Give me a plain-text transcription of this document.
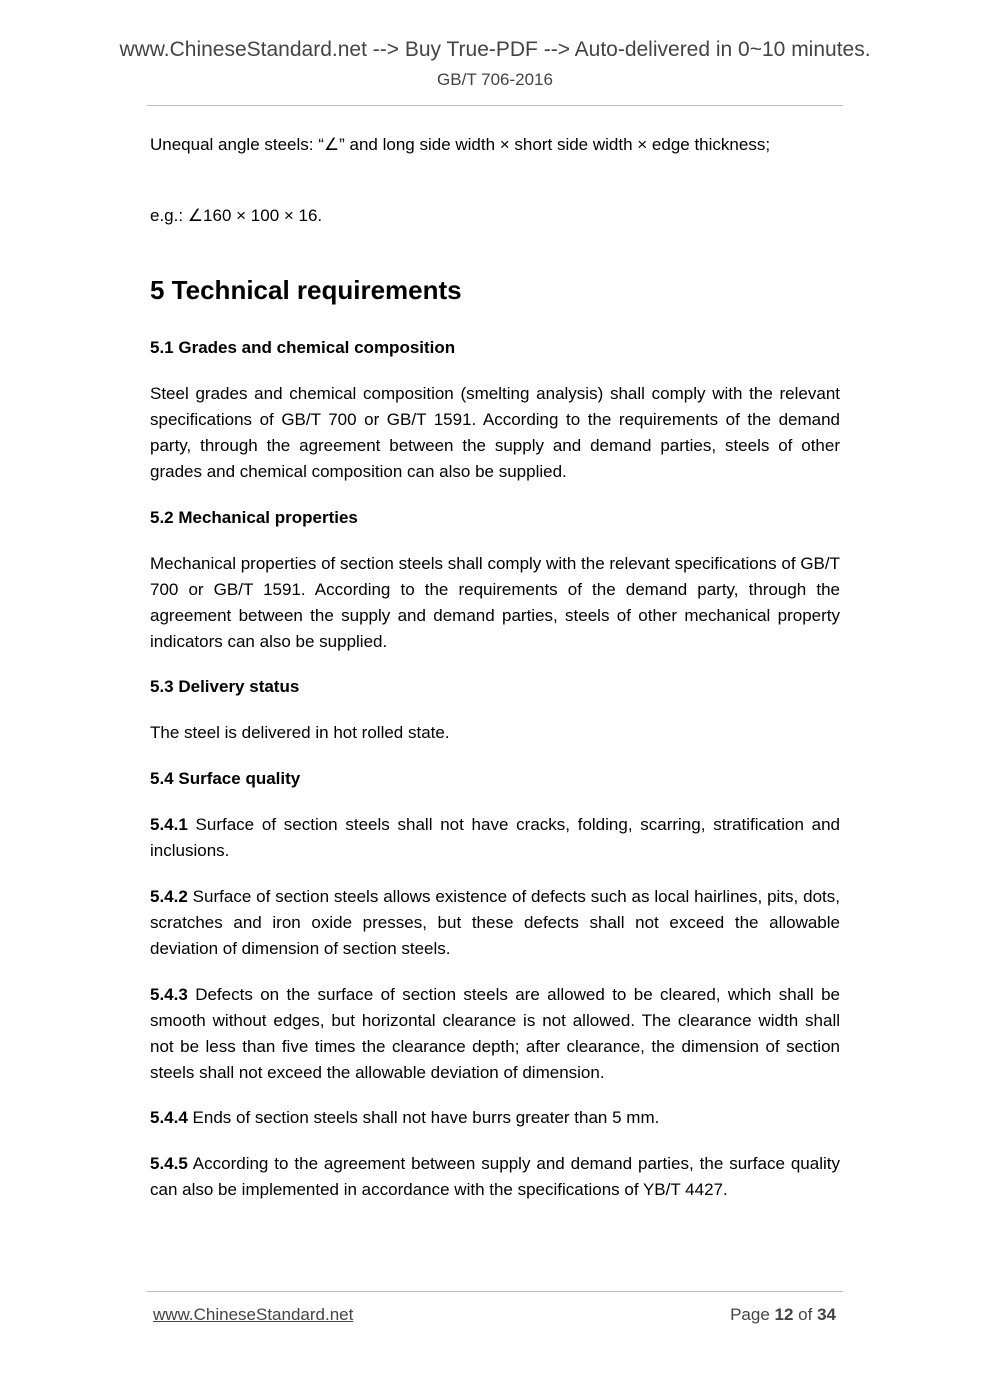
www.ChineseStandard.net --> Buy True-PDF --> Auto-delivered in 0~10 minutes.
GB/T 706-2016
Unequal angle steels: “∠” and long side width × short side width × edge thickness;
e.g.: ∠160 × 100 × 16.
5 Technical requirements
5.1 Grades and chemical composition
Steel grades and chemical composition (smelting analysis) shall comply with the relevant specifications of GB/T 700 or GB/T 1591. According to the requirements of the demand party, through the agreement between the supply and demand parties, steels of other grades and chemical composition can also be supplied.
5.2 Mechanical properties
Mechanical properties of section steels shall comply with the relevant specifications of GB/T 700 or GB/T 1591. According to the requirements of the demand party, through the agreement between the supply and demand parties, steels of other mechanical property indicators can also be supplied.
5.3 Delivery status
The steel is delivered in hot rolled state.
5.4 Surface quality
5.4.1 Surface of section steels shall not have cracks, folding, scarring, stratification and inclusions.
5.4.2 Surface of section steels allows existence of defects such as local hairlines, pits, dots, scratches and iron oxide presses, but these defects shall not exceed the allowable deviation of dimension of section steels.
5.4.3 Defects on the surface of section steels are allowed to be cleared, which shall be smooth without edges, but horizontal clearance is not allowed. The clearance width shall not be less than five times the clearance depth; after clearance, the dimension of section steels shall not exceed the allowable deviation of dimension.
5.4.4 Ends of section steels shall not have burrs greater than 5 mm.
5.4.5 According to the agreement between supply and demand parties, the surface quality can also be implemented in accordance with the specifications of YB/T 4427.
www.ChineseStandard.net	Page 12 of 34
